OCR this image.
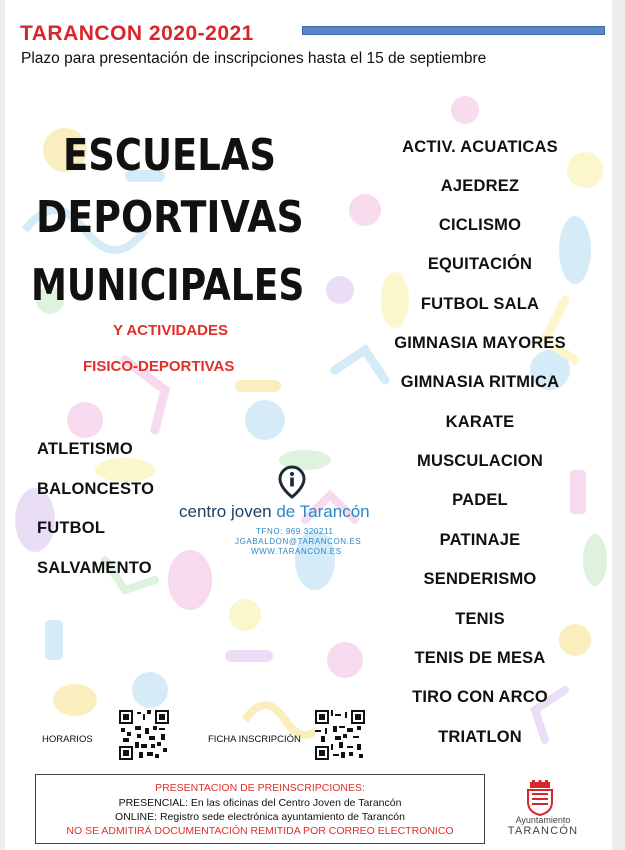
TARANCON 2020-2021
Plazo para presentación de inscripciones hasta el 15 de septiembre
ESCUELAS
DEPORTIVAS
MUNICIPALES
Y ACTIVIDADES
FISICO-DEPORTIVAS
ATLETISMO
BALONCESTO
FUTBOL
SALVAMENTO
ACTIV. ACUATICAS
AJEDREZ
CICLISMO
EQUITACIÓN
FUTBOL SALA
GIMNASIA MAYORES
GIMNASIA RITMICA
KARATE
MUSCULACION
PADEL
PATINAJE
SENDERISMO
TENIS
TENIS DE MESA
TIRO CON ARCO
TRIATLON
centro joven de Tarancón
TFNO: 969 320211
JGABALDON@TARANCON.ES
WWW.TARANCON.ES
HORARIOS	FICHA INSCRIPCIÓN
PRESENTACION DE PREINSCRIPCIONES:
PRESENCIAL: En las oficinas del Centro Joven de Tarancón
ONLINE: Registro sede electrónica ayuntamiento de Tarancón
NO SE ADMITIRÁ DOCUMENTACIÓN REMITIDA POR CORREO ELECTRONICO
Ayuntamiento
TARANCÓN
